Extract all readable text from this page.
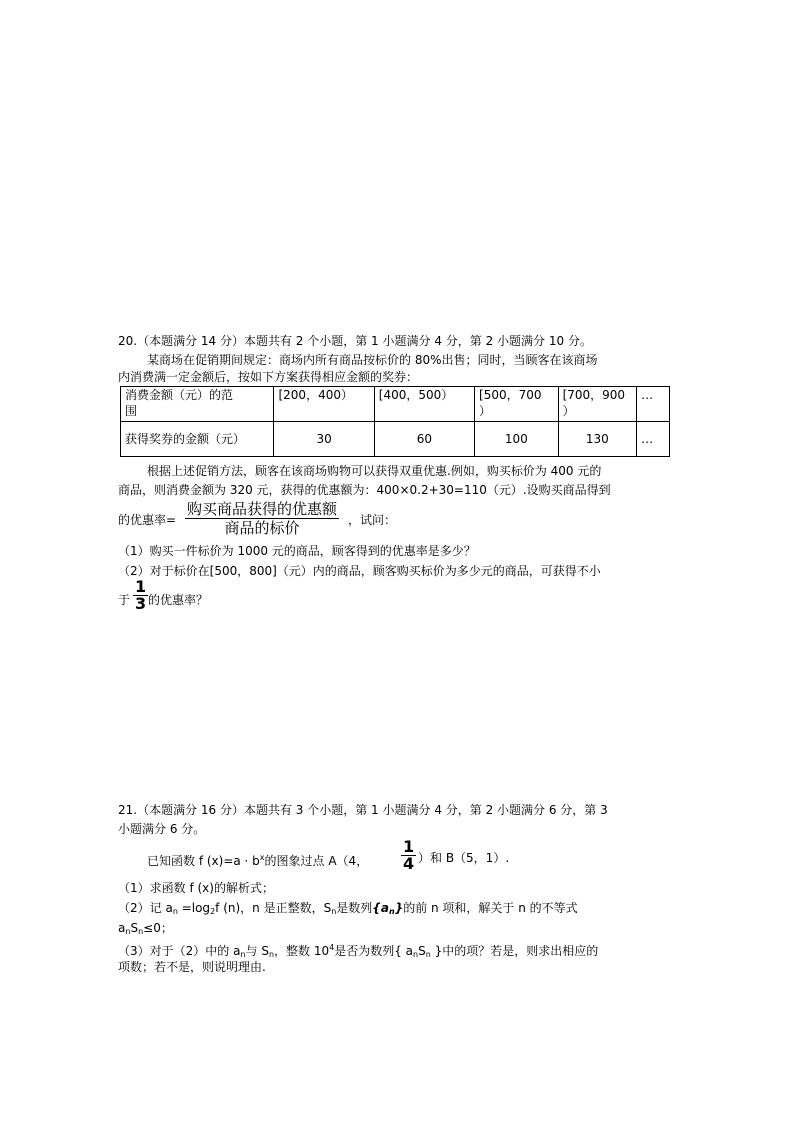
20.（本题满分 14 分）本题共有 2 个小题，第 1 小题满分 4 分，第 2 小题满分 10 分。
某商场在促销期间规定：商场内所有商品按标价的 80%出售；同时，当顾客在该商场
内消费满一定金额后，按如下方案获得相应金额的奖券：
消费金额（元）的范
围	[200，400）	[400，500）	[500，700
）	[700，900
）	…
获得奖券的金额（元）	30	60	100	130	…
根据上述促销方法，顾客在该商场购物可以获得双重优惠.例如，购买标价为 400 元的
商品，则消费金额为 320 元，获得的优惠额为：400×0.2+30=110（元）.设购买商品得到
的优惠率=
购买商品获得的优惠额
商品的标价	，试问：
（1）购买一件标价为 1000 元的商品，顾客得到的优惠率是多少？
（2）对于标价在[500，800]（元）内的商品，顾客购买标价为多少元的商品，可获得不小
于
1
3 的优惠率？
21.（本题满分 16 分）本题共有 3 个小题，第 1 小题满分 4 分，第 2 小题满分 6 分，第 3
小题满分 6 分。
已知函数 f $(x)=a \cdot b^x$的图象过点 A（4，
1
4 ）和 B（5，1）.
（1）求函数 f (x)的解析式；
（2）记 $a_n =\log_2f$ (n)，n 是正整数，$S_n$是数列$\{a_n\}$的前 n 项和，解关于 n 的不等式
$a_nS_n\le 0$；
（3）对于（2）中的 $a_n$与 $S_n$，整数 $10^4$是否为数列{ $a_nS_n$ }中的项？若是，则求出相应的
项数；若不是，则说明理由.
